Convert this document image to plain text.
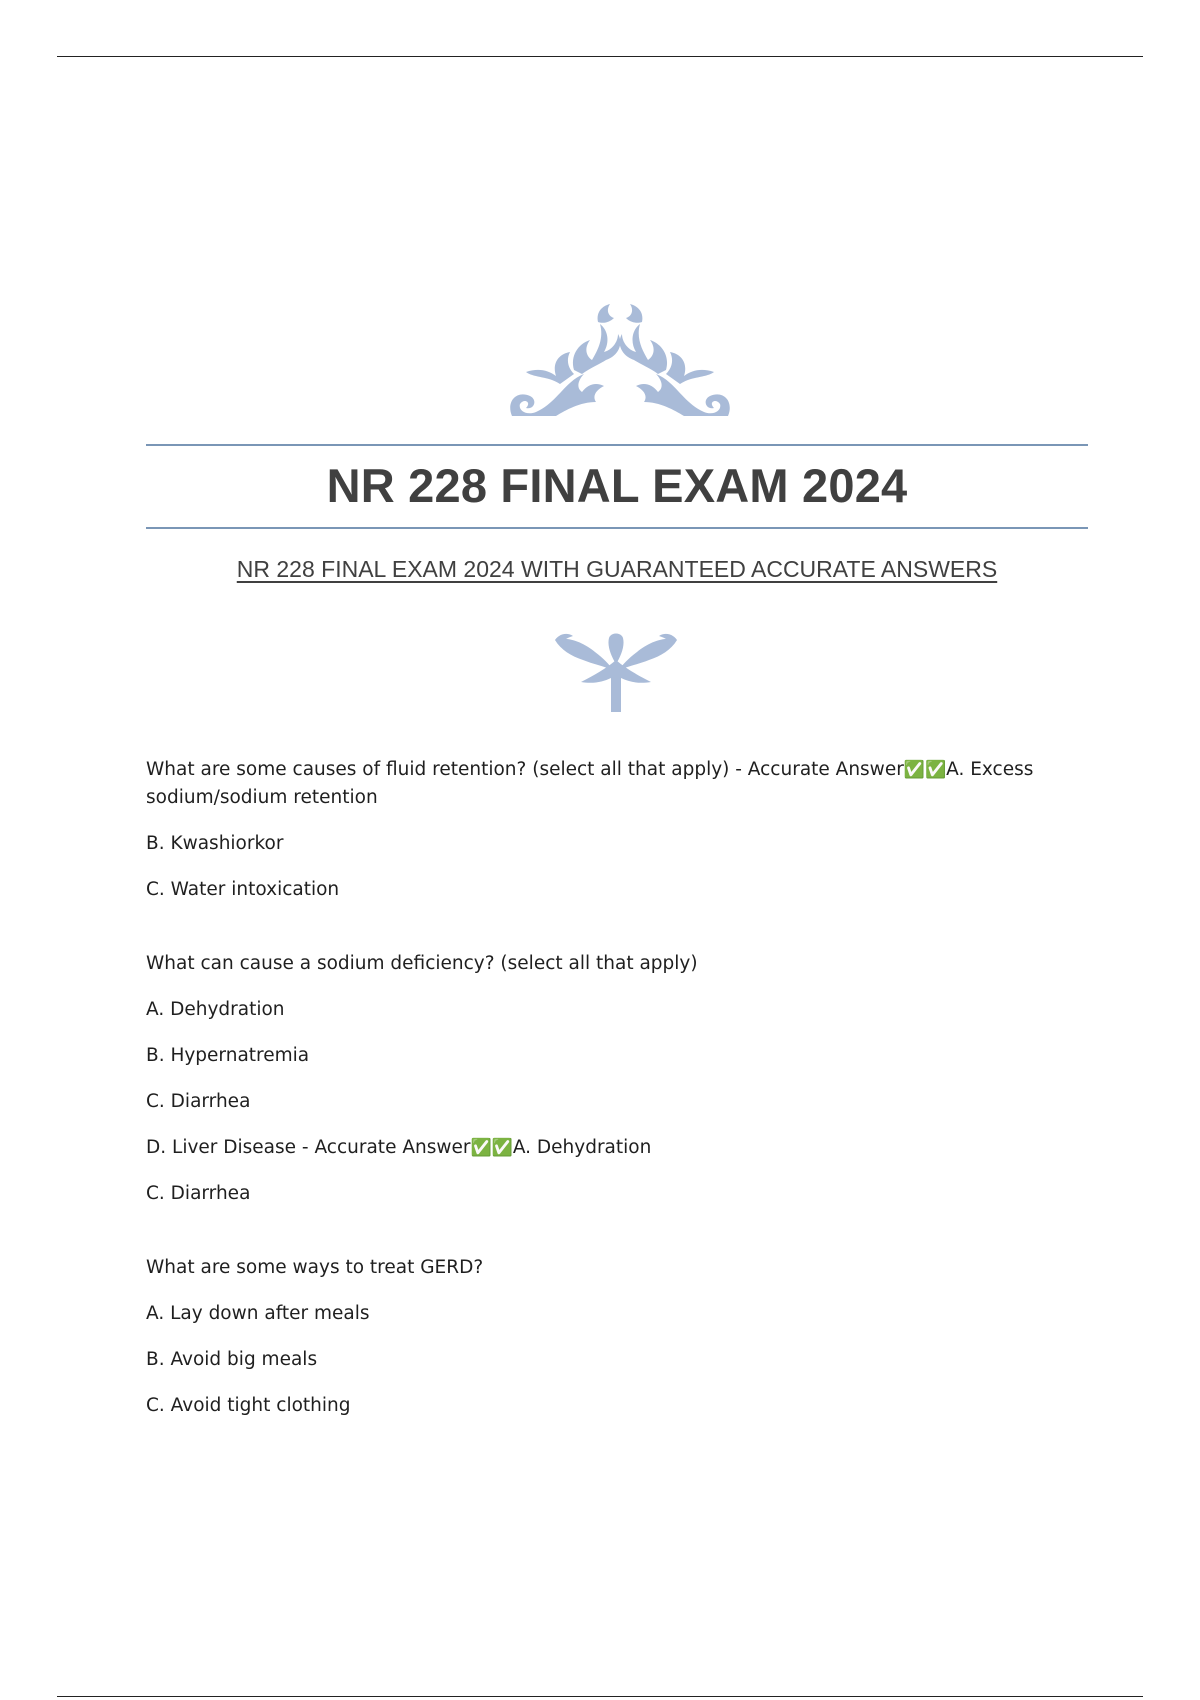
NR 228 FINAL EXAM 2024
NR 228 FINAL EXAM 2024 WITH GUARANTEED ACCURATE ANSWERS
What are some causes of fluid retention? (select all that apply) - Accurate Answer✅✅A. Excess sodium/sodium retention
B. Kwashiorkor
C. Water intoxication
What can cause a sodium deficiency? (select all that apply)
A. Dehydration
B. Hypernatremia
C. Diarrhea
D. Liver Disease - Accurate Answer✅✅A. Dehydration
C. Diarrhea
What are some ways to treat GERD?
A. Lay down after meals
B. Avoid big meals
C. Avoid tight clothing
